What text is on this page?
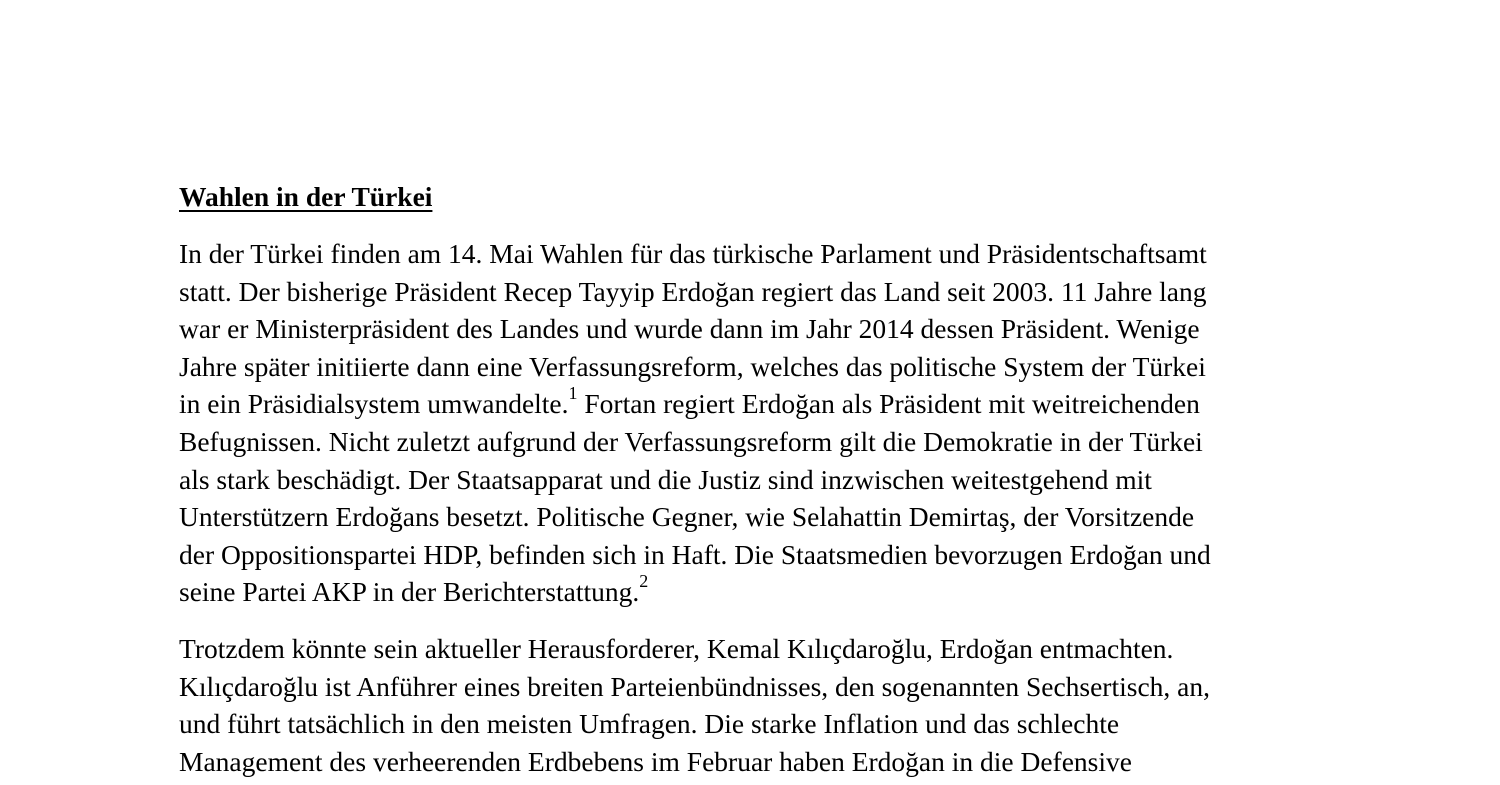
Wahlen in der Türkei
In der Türkei finden am 14. Mai Wahlen für das türkische Parlament und Präsidentschaftsamt
statt. Der bisherige Präsident Recep Tayyip Erdoğan regiert das Land seit 2003. 11 Jahre lang
war er Ministerpräsident des Landes und wurde dann im Jahr 2014 dessen Präsident. Wenige
Jahre später initiierte dann eine Verfassungsreform, welches das politische System der Türkei
in ein Präsidialsystem umwandelte.$^1$ Fortan regiert Erdoğan als Präsident mit weitreichenden
Befugnissen. Nicht zuletzt aufgrund der Verfassungsreform gilt die Demokratie in der Türkei
als stark beschädigt. Der Staatsapparat und die Justiz sind inzwischen weitestgehend mit
Unterstützern Erdoğans besetzt. Politische Gegner, wie Selahattin Demirtaş, der Vorsitzende
der Oppositionspartei HDP, befinden sich in Haft. Die Staatsmedien bevorzugen Erdoğan und
seine Partei AKP in der Berichterstattung.$^2$
Trotzdem könnte sein aktueller Herausforderer, Kemal Kılıçdaroğlu, Erdoğan entmachten.
Kılıçdaroğlu ist Anführer eines breiten Parteienbündnisses, den sogenannten Sechsertisch, an,
und führt tatsächlich in den meisten Umfragen. Die starke Inflation und das schlechte
Management des verheerenden Erdbebens im Februar haben Erdoğan in die Defensive
